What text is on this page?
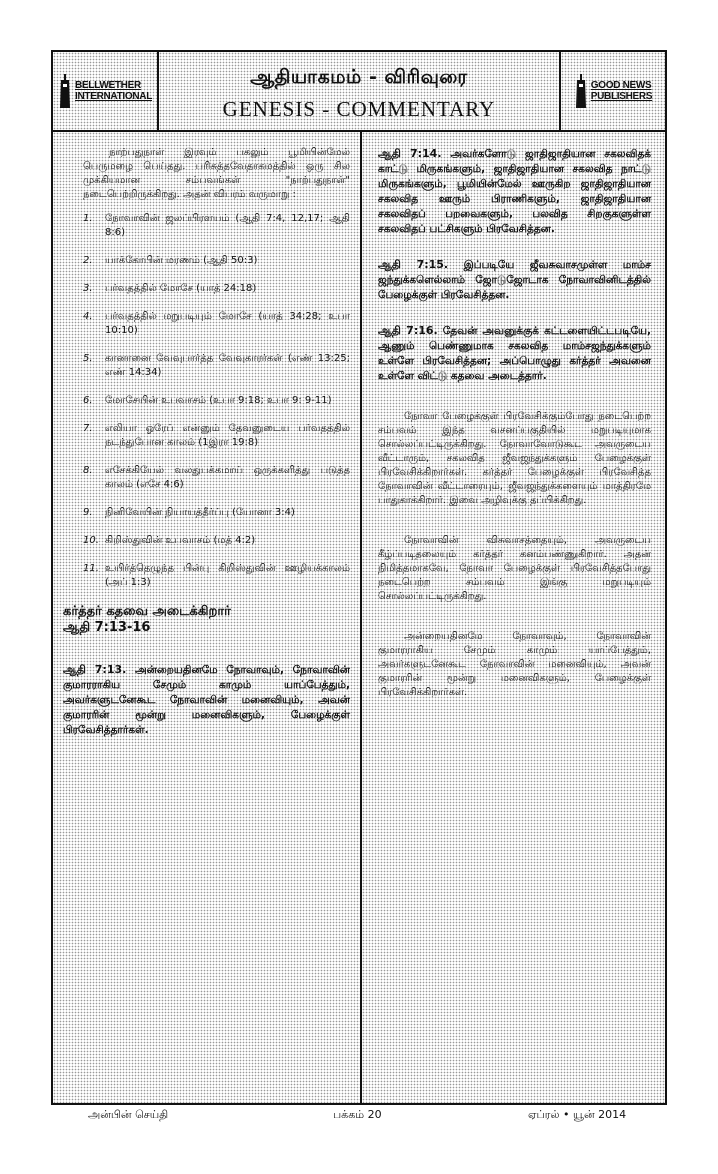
BELLWETHER
INTERNATIONAL
ஆதியாகமம் - விரிவுரை
GENESIS - COMMENTARY
GOOD NEWS
PUBLISHERS

நாற்பதுநாள் இரவும் பகலும் பூமியின்மேல் பெருமழை பெய்தது. பரிசுத்தவேதாகமத்தில் ஒரு சில முக்கியமான சம்பவங்கள் "நாற்பதுநாள்" நடைபெற்றிருக்கிறது. அதன் விபரம் வருமாறு :

1. நோவாவின் ஜலப்பிரளயம் (ஆதி 7:4, 12,17; ஆதி 8:6)
2. யாக்கோபின் மரணம் (ஆதி 50:3)
3. பர்வதத்தில் மோசே (யாத் 24:18)
4. பர்வதத்தில் மறுபடியும் மோசே (யாத் 34:28; உபா 10:10)
5. கானானை வேவுபார்த்த வேவுகாரர்கள் (எண் 13:25; எண் 14:34)
6. மோசேயின் உபவாசம் (உபா 9:18; உபா 9: 9-11)
7. எலியா ஓரேப் என்னும் தேவனுடைய பர்வதத்தில் நடந்துபோன காலம் (1இரா 19:8)
8. எசேக்கியேல் வலதுபக்கமாய் ஒருக்களித்து படுத்த காலம் (எசே 4:6)
9. நினிவேயின் நியாயத்தீர்ப்பு (யோனா 3:4)
10. கிறிஸ்துவின் உபவாசம் (மத் 4:2)
11. உயிர்த்தெழுந்த பின்பு கிறிஸ்துவின் ஊழியக்காலம் (அப் 1:3)
கர்த்தர் கதவை அடைக்கிறார்
ஆதி 7:13-16

ஆதி 7:13. அன்றையதினமே நோவாவும், நோவாவின் குமாரராகிய சேமும் காமும் யாப்பேத்தும், அவர்களுடனேகூட நோவாவின் மனைவியும், அவன் குமாரரின் மூன்று மனைவிகளும், பேழைக்குள் பிரவேசித்தார்கள்.

ஆதி 7:14. அவர்களோடு ஜாதிஜாதியான சகலவிதக் காட்டு மிருகங்களும், ஜாதிஜாதியான சகலவித நாட்டு மிருகங்களும், பூமியின்மேல் ஊருகிற ஜாதிஜாதியான சகலவித ஊரும் பிராணிகளும், ஜாதிஜாதியான சகலவிதப் பறவைகளும், பலவித சிறகுகளுள்ள சகலவிதப் பட்சிகளும் பிரவேசித்தன.

ஆதி 7:15. இப்படியே ஜீவசுவாசமுள்ள மாம்ச ஜந்துக்களெல்லாம் ஜோடுஜோடாக நோவாவினிடத்தில் பேழைக்குள் பிரவேசித்தன.

ஆதி 7:16. தேவன் அவனுக்குக் கட்டளையிட்டபடியே, ஆணும் பெண்ணுமாக சகலவித மாம்சஜந்துக்களும் உள்ளே பிரவேசித்தன; அப்பொழுது கர்த்தர் அவனை உள்ளே விட்டு கதவை அடைத்தார்.

நோவா பேழைக்குள் பிரவேசிக்கும்போது நடைபெற்ற சம்பவம் இந்த வசனப்பகுதியில் மறுபடியுமாக சொல்லப்பட்டிருக்கிறது. நோவாவோடுகூட அவருடைய வீட்டாரும், சகலவித ஜீவஜந்துக்களும் பேழைக்குள் பிரவேசிக்கிறார்கள். கர்த்தர் பேழைக்குள் பிரவேசித்த நோவாவின் வீட்டாரையும், ஜீவஜந்துக்களையும் மாத்திரமே பாதுகாக்கிறார். இவை அழிவுக்கு தப்பிக்கிறது.

நோவாவின் விசுவாசத்தையும், அவருடைய கீழ்ப்படிதலையும் கர்த்தர் கனம்பண்ணுகிறார். அதன் நிமித்தமாகவே, நோவா பேழைக்குள் பிரவேசித்தபோது நடைபெற்ற சம்பவம் இங்கு மறுபடியும் சொல்லப்பட்டிருக்கிறது.

அன்றையதினமே நோவாவும், நோவாவின் குமாரராகிய சேமும் காமும் யாப்பேத்தும், அவர்களுடனேகூட நோவாவின் மனைவியும், அவன் குமாரரின் மூன்று மனைவிகளும், பேழைக்குள் பிரவேசிக்கிறார்கள்.

அன்பின் செய்தி	பக்கம் 20	ஏப்ரல் • யூன் 2014
